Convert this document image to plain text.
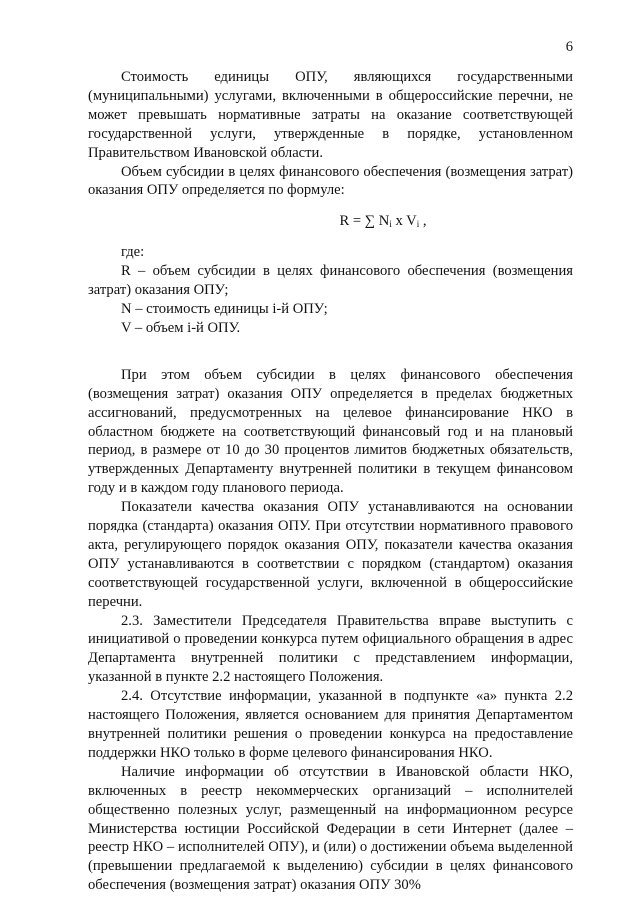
6

Стоимость единицы ОПУ, являющихся государственными (муниципальными) услугами, включенными в общероссийские перечни, не может превышать нормативные затраты на оказание соответствующей государственной услуги, утвержденные в порядке, установленном Правительством Ивановской области.

Объем субсидии в целях финансового обеспечения (возмещения затрат) оказания ОПУ определяется по формуле:

R = ∑ $N_i$ x $V_i$ ,

где:

R – объем субсидии в целях финансового обеспечения (возмещения затрат) оказания ОПУ;

N – стоимость единицы i-й ОПУ;

V – объем i-й ОПУ.

При этом объем субсидии в целях финансового обеспечения (возмещения затрат) оказания ОПУ определяется в пределах бюджетных ассигнований, предусмотренных на целевое финансирование НКО в областном бюджете на соответствующий финансовый год и на плановый период, в размере от 10 до 30 процентов лимитов бюджетных обязательств, утвержденных Департаменту внутренней политики в текущем финансовом году и в каждом году планового периода.

Показатели качества оказания ОПУ устанавливаются на основании порядка (стандарта) оказания ОПУ. При отсутствии нормативного правового акта, регулирующего порядок оказания ОПУ, показатели качества оказания ОПУ устанавливаются в соответствии с порядком (стандартом) оказания соответствующей государственной услуги, включенной в общероссийские перечни.

2.3. Заместители Председателя Правительства вправе выступить с инициативой о проведении конкурса путем официального обращения в адрес Департамента внутренней политики с представлением информации, указанной в пункте 2.2 настоящего Положения.

2.4. Отсутствие информации, указанной в подпункте «а» пункта 2.2 настоящего Положения, является основанием для принятия Департаментом внутренней политики решения о проведении конкурса на предоставление поддержки НКО только в форме целевого финансирования НКО.

Наличие информации об отсутствии в Ивановской области НКО, включенных в реестр некоммерческих организаций – исполнителей общественно полезных услуг, размещенный на информационном ресурсе Министерства юстиции Российской Федерации в сети Интернет (далее – реестр НКО – исполнителей ОПУ), и (или) о достижении объема выделенной (превышении предлагаемой к выделению) субсидии в целях финансового обеспечения (возмещения затрат) оказания ОПУ 30%
